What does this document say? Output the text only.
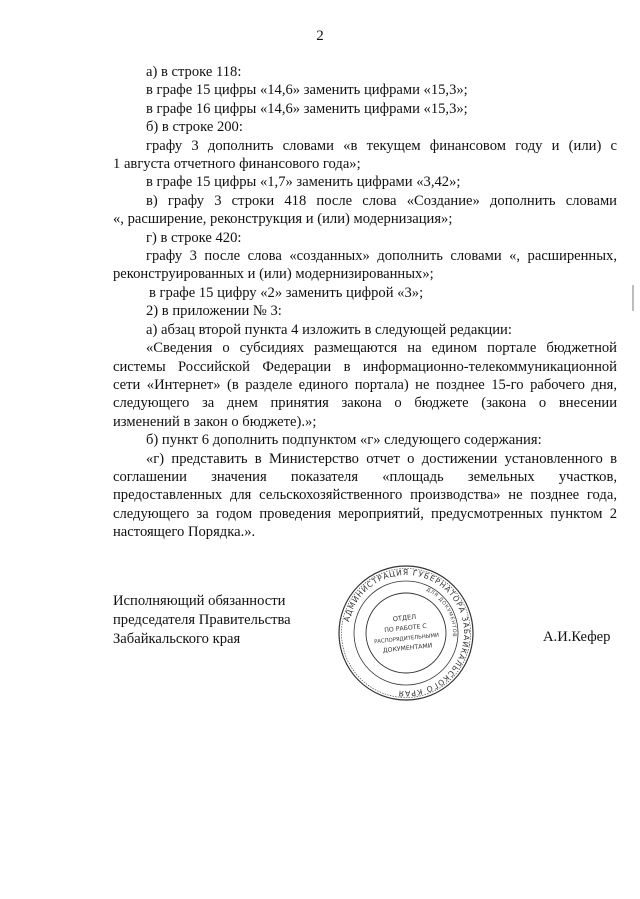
2

а) в строке 118:

в графе 15 цифры «14,6» заменить цифрами «15,3»;

в графе 16 цифры «14,6» заменить цифрами «15,3»;

б) в строке 200:

графу 3 дополнить словами «в текущем финансовом году и (или) с

1 августа отчетного финансового года»;

в графе 15 цифры «1,7» заменить цифрами «3,42»;

в) графу 3 строки 418 после слова «Создание» дополнить словами

«, расширение, реконструкция и (или) модернизация»;

г) в строке 420:

графу 3 после слова «созданных» дополнить словами «, расширенных,

реконструированных и (или) модернизированных»;

в графе 15 цифру «2» заменить цифрой «3»;

2) в приложении № 3:

а) абзац второй пункта 4 изложить в следующей редакции:

«Сведения о субсидиях размещаются на едином портале бюджетной

системы Российской Федерации в информационно-телекоммуникационной

сети «Интернет» (в разделе единого портала) не позднее 15-го рабочего дня,

следующего за днем принятия закона о бюджете (закона о внесении

изменений в закон о бюджете).»;

б) пункт 6 дополнить подпунктом «г» следующего содержания:

«г) представить в Министерство отчет о достижении установленного в

соглашении значения показателя «площадь земельных участков,

предоставленных для сельскохозяйственного производства» не позднее года,

следующего за годом проведения мероприятий, предусмотренных пунктом 2

настоящего Порядка.».

Исполняющий обязанности

председателя Правительства

Забайкальского края	А.И.Кефер
АДМИНИСТРАЦИЯ ГУБЕРНАТОРА ЗАБАЙКАЛЬСКОГО КРАЯ
ДЛЯ ДОКУМЕНТОВ
ОТДЕЛ
ПО РАБОТЕ С
РАСПОРЯДИТЕЛЬНЫМИ
ДОКУМЕНТАМИ
